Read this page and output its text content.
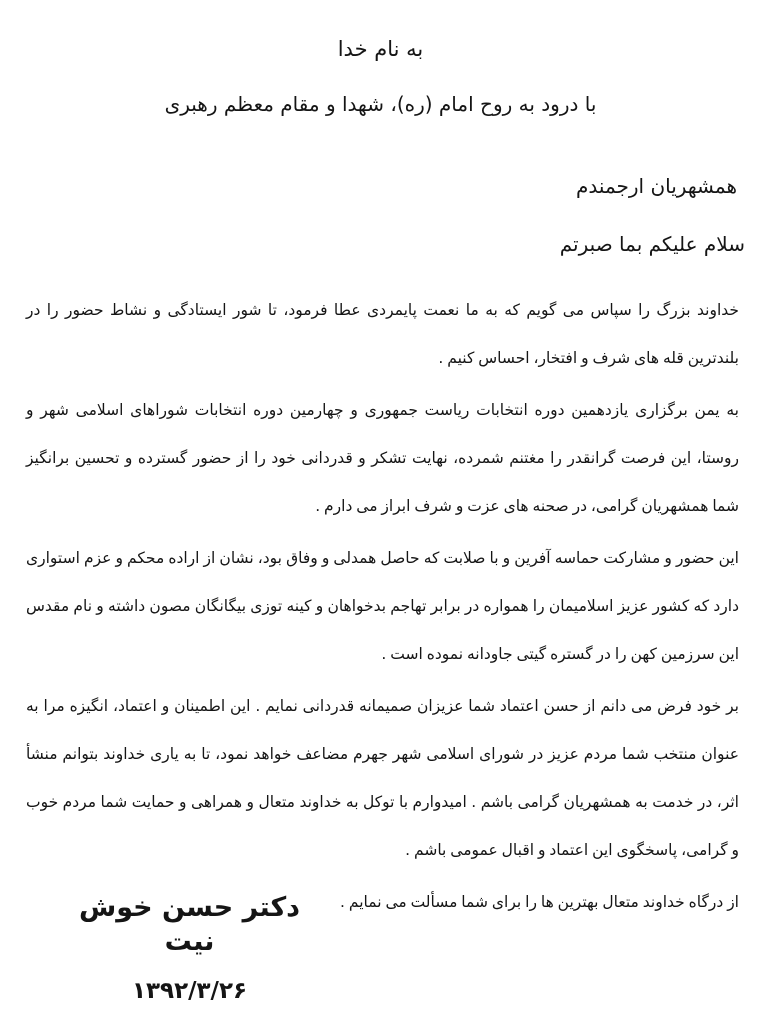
به نام خدا
با درود به روح امام (ره)، شهدا و مقام معظم رهبری
همشهریان ارجمندم
سلام علیکم بما صبرتم

خداوند بزرگ را سپاس می گویم که به ما نعمت پایمردی عطا فرمود، تا شور ایستادگی و نشاط حضور را در بلندترین قله های شرف و افتخار، احساس کنیم .

به یمن برگزاری یازدهمین دوره انتخابات ریاست جمهوری و چهارمین دوره انتخابات شوراهای اسلامی شهر و روستا، این فرصت گرانقدر را مغتنم شمرده، نهایت تشکر و قدردانی خود را از حضور گسترده و تحسین برانگیز شما همشهریان گرامی، در صحنه های عزت و شرف ابراز می دارم .

این حضور و مشارکت حماسه آفرین و با صلابت که حاصل همدلی و وفاق بود، نشان از اراده محکم و عزم استواری دارد که کشور عزیز اسلامیمان را همواره در برابر تهاجم بدخواهان و کینه توزی بیگانگان مصون داشته و نام مقدس این سرزمین کهن را در گستره گیتی جاودانه نموده است .

بر خود فرض می دانم از حسن اعتماد شما عزیزان صمیمانه قدردانی نمایم . این اطمینان و اعتماد، انگیزه مرا به عنوان منتخب شما مردم عزیز در شورای اسلامی شهر جهرم مضاعف خواهد نمود، تا به یاری خداوند بتوانم منشأ اثر، در خدمت به همشهریان گرامی باشم . امیدوارم با توکل به خداوند متعال و همراهی و حمایت شما مردم خوب و گرامی، پاسخگوی این اعتماد و اقبال عمومی باشم .

از درگاه خداوند متعال بهترین ها را برای شما مسألت می نمایم .

دکتر حسن خوش نیت
۱۳۹۲/۳/۲۶
